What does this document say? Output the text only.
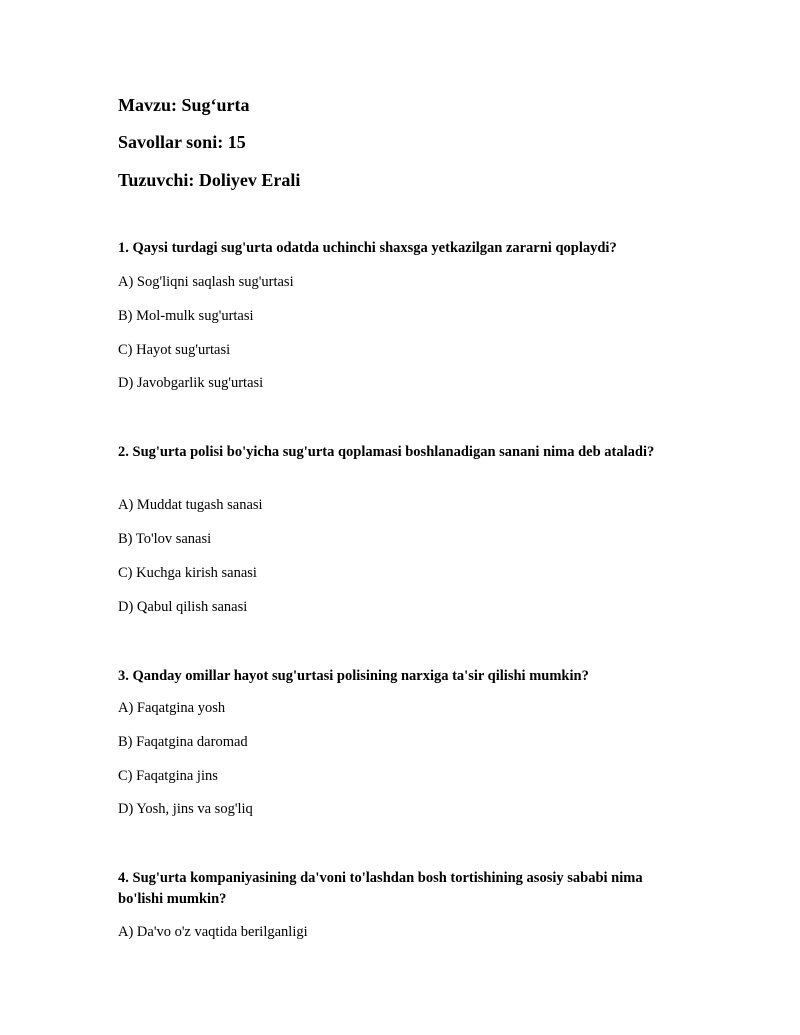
Mavzu: Sug‘urta
Savollar soni: 15
Tuzuvchi: Doliyev Erali
1. Qaysi turdagi sug'urta odatda uchinchi shaxsga yetkazilgan zararni qoplaydi?
A) Sog'liqni saqlash sug'urtasi
B) Mol-mulk sug'urtasi
C) Hayot sug'urtasi
D) Javobgarlik sug'urtasi
2. Sug'urta polisi bo'yicha sug'urta qoplamasi boshlanadigan sanani nima deb ataladi?
A) Muddat tugash sanasi
B) To'lov sanasi
C) Kuchga kirish sanasi
D) Qabul qilish sanasi
3. Qanday omillar hayot sug'urtasi polisining narxiga ta'sir qilishi mumkin?
A) Faqatgina yosh
B) Faqatgina daromad
C) Faqatgina jins
D) Yosh, jins va sog'liq
4. Sug'urta kompaniyasining da'voni to'lashdan bosh tortishining asosiy sababi nima bo'lishi mumkin?
A) Da'vo o'z vaqtida berilganligi
